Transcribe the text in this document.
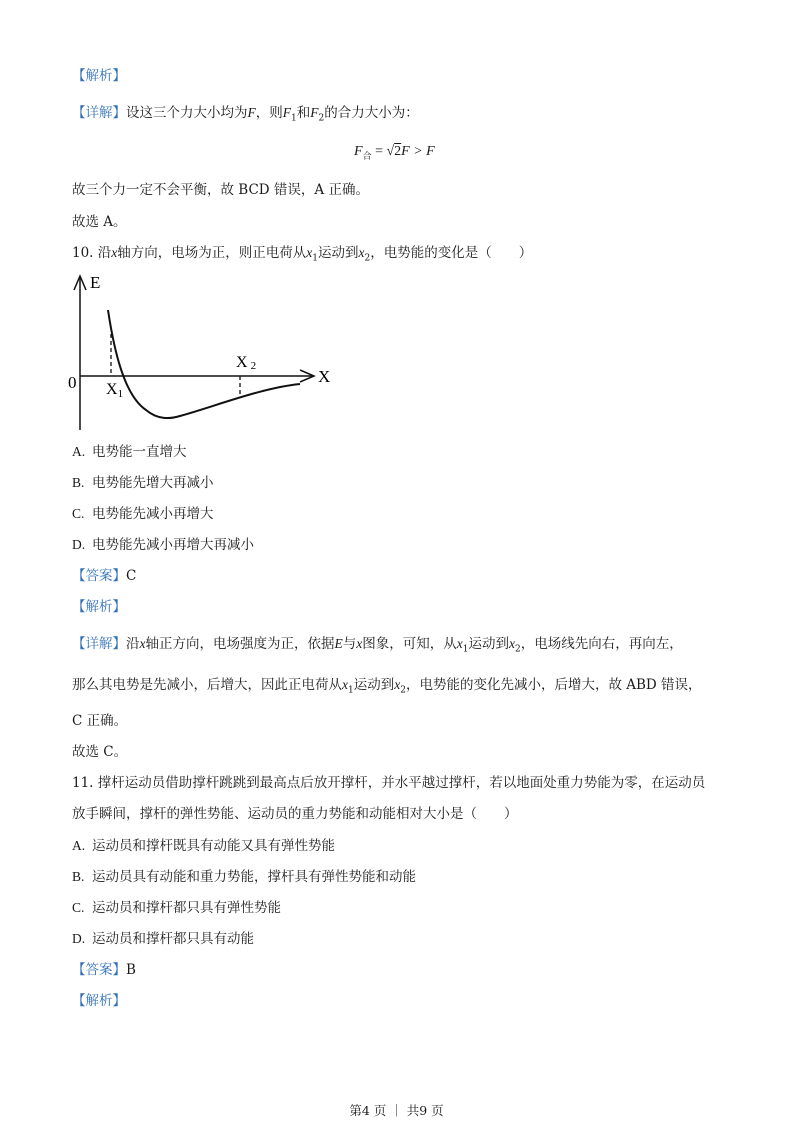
【解析】
【详解】设这三个力大小均为F，则$F_1$和$F_2$的合力大小为：
$F_合 = √2F > F$
故三个力一定不会平衡，故 BCD 错误，A 正确。
故选 A。
10. 沿x轴方向，电场为正，则正电荷从$x_1$运动到$x_2$，电势能的变化是（　　）
E
X
0 X1
X 2
A. 电势能一直增大
B. 电势能先增大再减小
C. 电势能先减小再增大
D. 电势能先减小再增大再减小
【答案】C
【解析】
【详解】沿x轴正方向，电场强度为正，依据E与x图象，可知，从$x_1$运动到$x_2$，电场线先向右，再向左，
那么其电势是先减小，后增大，因此正电荷从$x_1$运动到$x_2$，电势能的变化先减小，后增大，故 ABD 错误，
C 正确。
故选 C。
11. 撑杆运动员借助撑杆跳跳到最高点后放开撑杆，并水平越过撑杆，若以地面处重力势能为零，在运动员
放手瞬间，撑杆的弹性势能、运动员的重力势能和动能相对大小是（　　）
A. 运动员和撑杆既具有动能又具有弹性势能
B. 运动员具有动能和重力势能，撑杆具有弹性势能和动能
C. 运动员和撑杆都只具有弹性势能
D. 运动员和撑杆都只具有动能
【答案】B
【解析】
第4 页 ｜ 共9 页
